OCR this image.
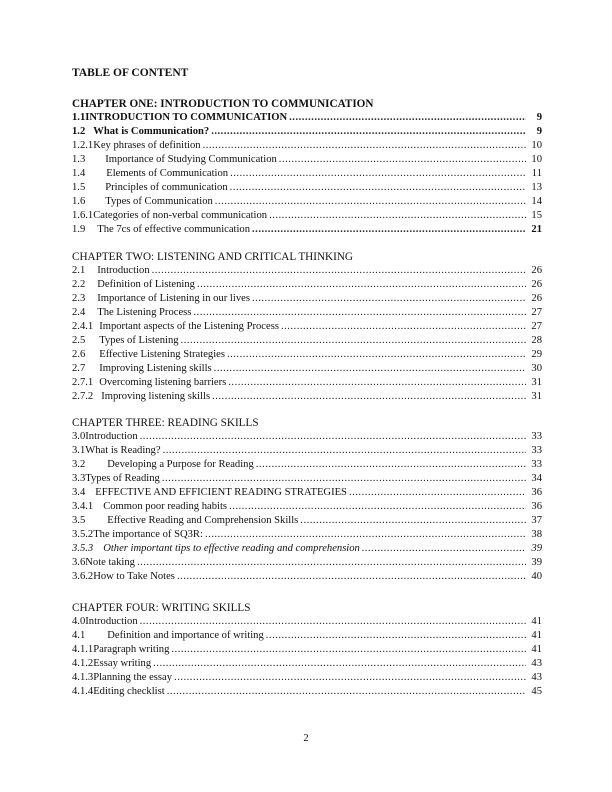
TABLE OF CONTENT
CHAPTER ONE: INTRODUCTION TO COMMUNICATION
1.1 INTRODUCTION TO COMMUNICATION .....	9
1.2 What is Communication? .....	9
1.2.1 Key phrases of definition .....	10
1.3 Importance of Studying Communication .....	10
1.4 Elements of Communication .....	11
1.5 Principles of communication .....	13
1.6 Types of Communication .....	14
1.6.1 Categories of non-verbal communication .....	15
1.9 The 7cs of effective communication .....	21
CHAPTER TWO: LISTENING AND CRITICAL THINKING
2.1 Introduction .....	26
2.2 Definition of Listening .....	26
2.3 Importance of Listening in our lives .....	26
2.4 The Listening Process .....	27
2.4.1 Important aspects of the Listening Process .....	27
2.5 Types of Listening .....	28
2.6 Effective Listening Strategies .....	29
2.7 Improving Listening skills .....	30
2.7.1 Overcoming listening barriers .....	31
2.7.2 Improving listening skills .....	31
CHAPTER THREE: READING SKILLS
3.0 Introduction .....	33
3.1 What is Reading? .....	33
3.2 Developing a Purpose for Reading .....	33
3.3 Types of Reading .....	34
3.4 EFFECTIVE AND EFFICIENT READING STRATEGIES .....	36
3.4.1 Common poor reading habits .....	36
3.5 Effective Reading and Comprehension Skills .....	37
3.5.2 The importance of SQ3R: .....	38
3.5.3 Other important tips to effective reading and comprehension .....	39
3.6 Note taking .....	39
3.6.2 How to Take Notes .....	40
CHAPTER FOUR: WRITING SKILLS
4.0 Introduction .....	41
4.1 Definition and importance of writing .....	41
4.1.1 Paragraph writing .....	41
4.1.2 Essay writing .....	43
4.1.3 Planning the essay .....	43
4.1.4 Editing checklist .....	45
2
